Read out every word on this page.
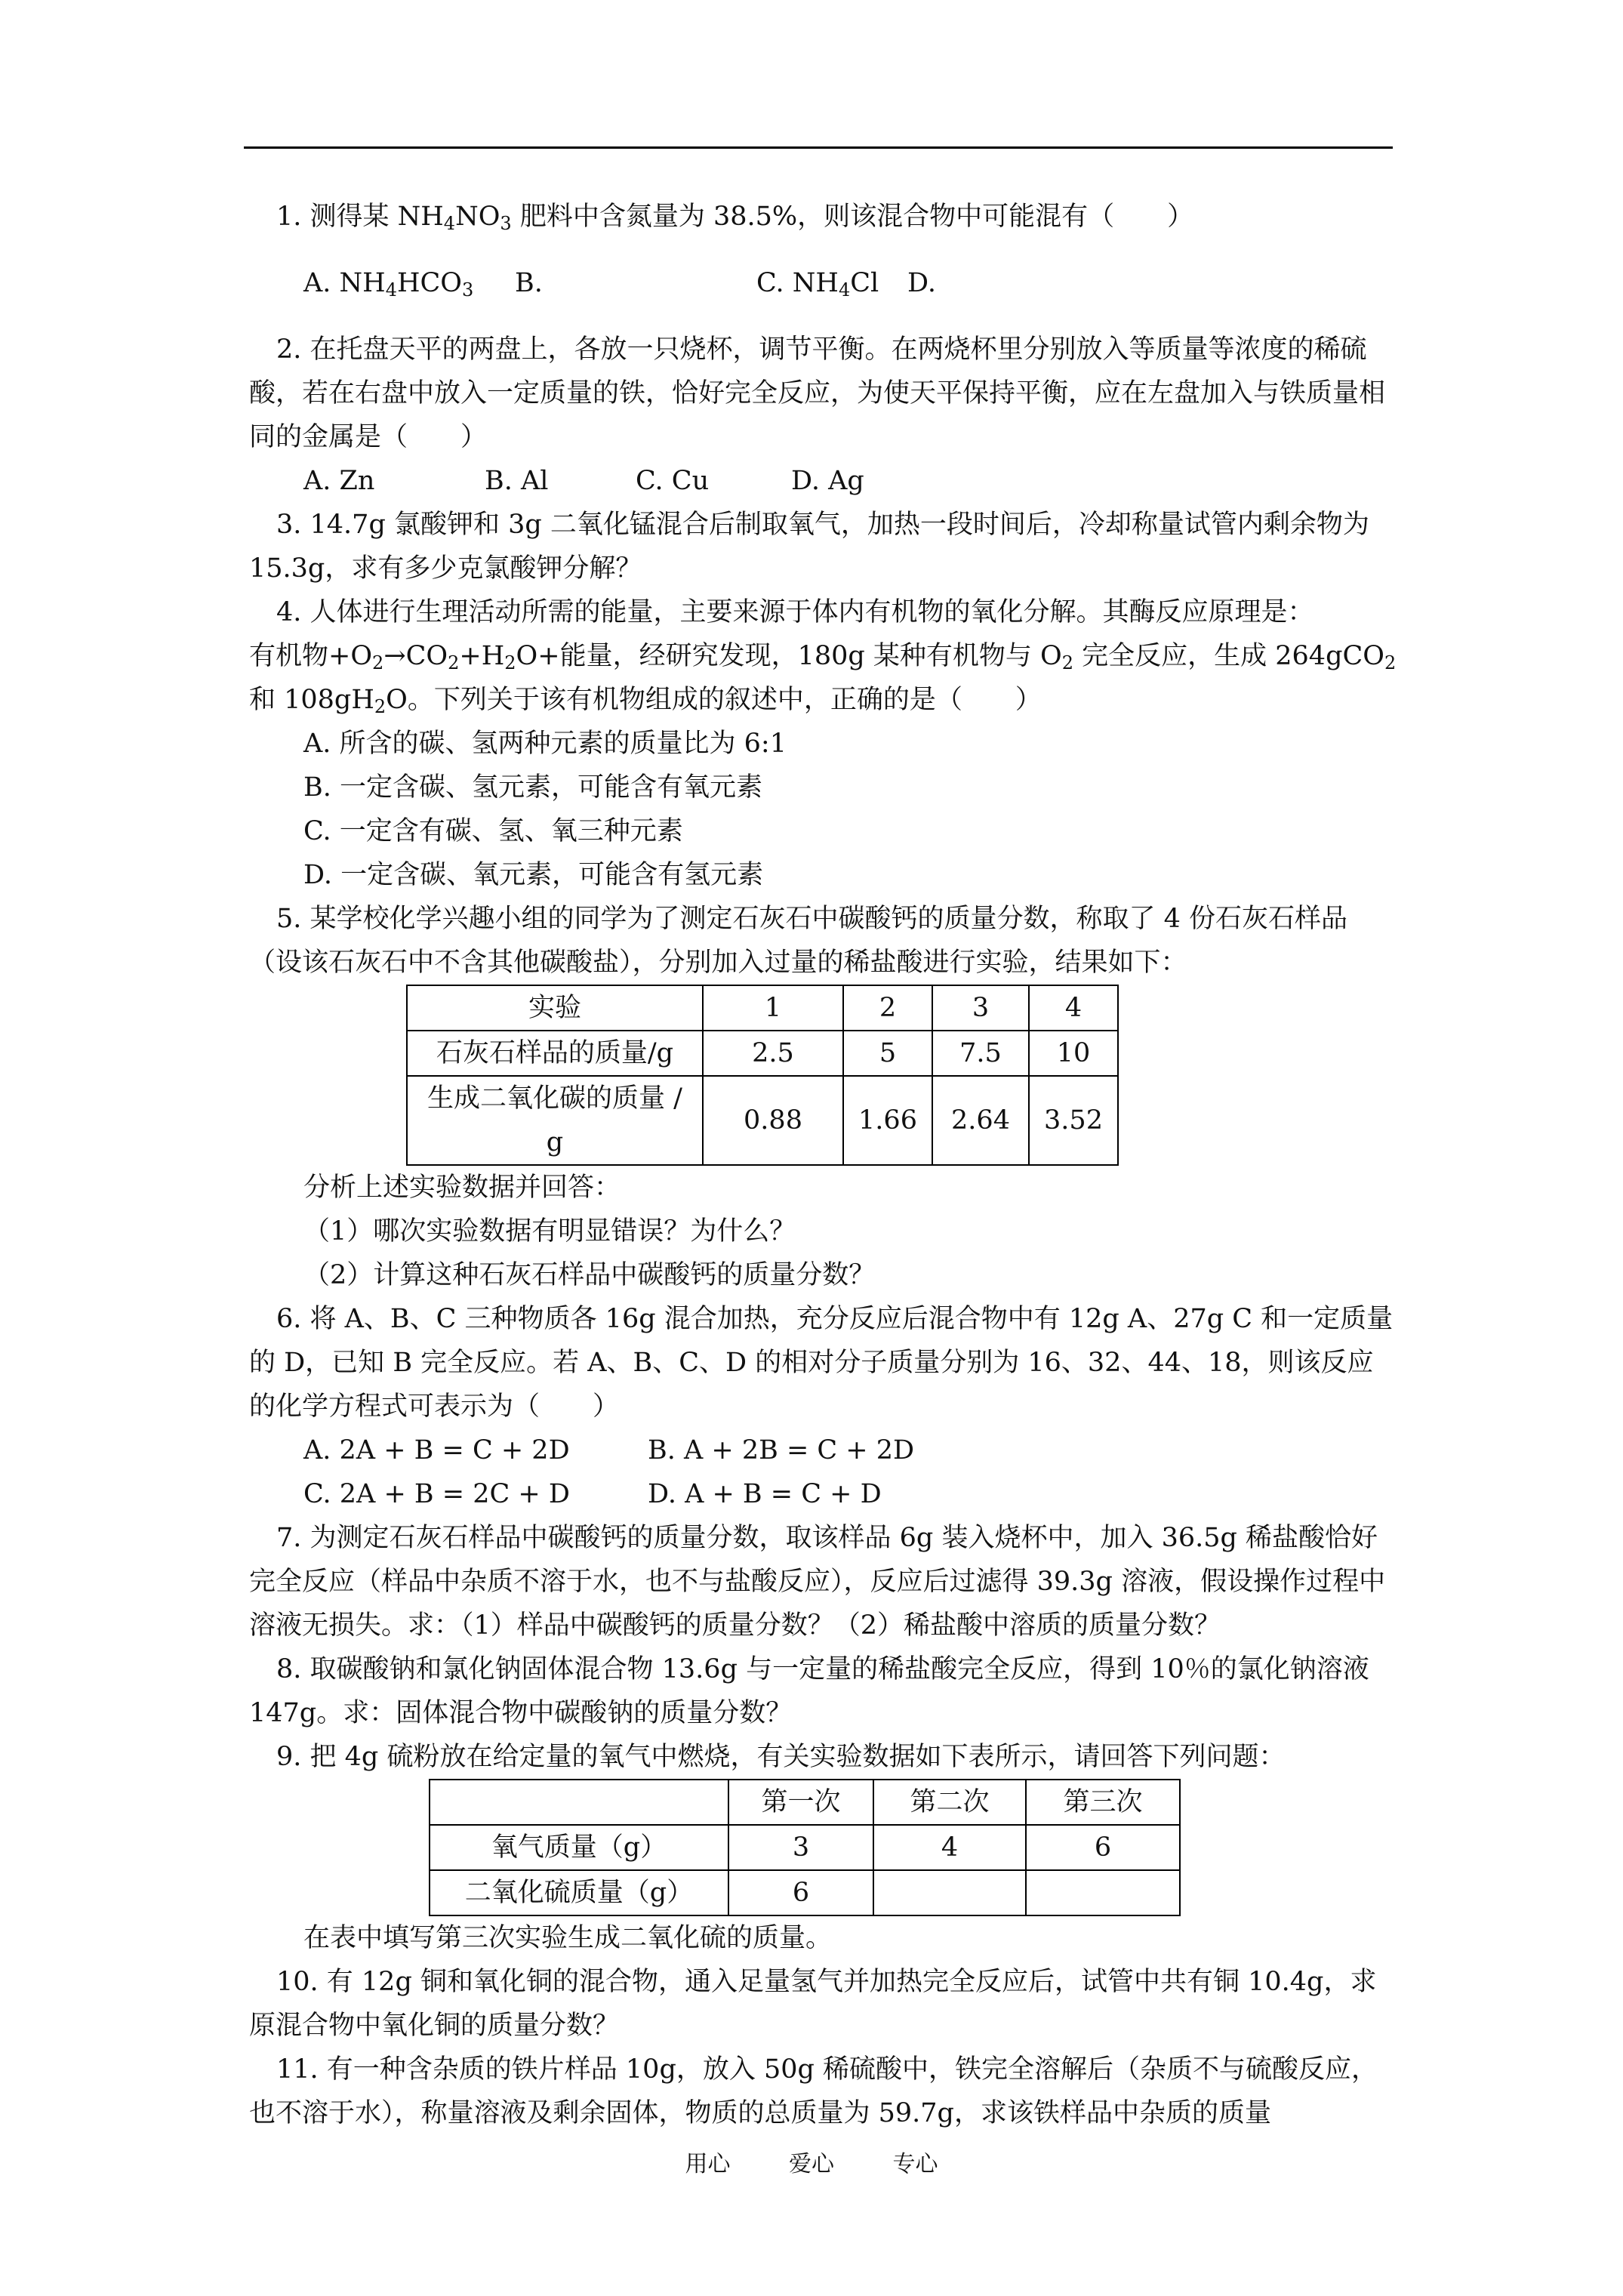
1. 测得某 $NH_4NO_3$ 肥料中含氮量为 38.5%，则该混合物中可能混有（　　）

A. $NH_4HCO_3$	B.	C. $NH_4Cl$	D.

2. 在托盘天平的两盘上，各放一只烧杯，调节平衡。在两烧杯里分别放入等质量等浓度的稀硫酸，若在右盘中放入一定质量的铁，恰好完全反应，为使天平保持平衡，应在左盘加入与铁质量相同的金属是（　　）

A. Zn	B. Al	C. Cu	D. Ag

3. 14.7g 氯酸钾和 3g 二氧化锰混合后制取氧气，加热一段时间后，冷却称量试管内剩余物为 15.3g，求有多少克氯酸钾分解？

4. 人体进行生理活动所需的能量，主要来源于体内有机物的氧化分解。其酶反应原理是：

有机物$+O_2\to CO_2+H_2O+$能量，经研究发现，180g 某种有机物与 $O_2$ 完全反应，生成 264gCO$_2$

和 $108gH_2O$。下列关于该有机物组成的叙述中，正确的是（　　）

A. 所含的碳、氢两种元素的质量比为 6:1

B. 一定含碳、氢元素，可能含有氧元素

C. 一定含有碳、氢、氧三种元素

D. 一定含碳、氧元素，可能含有氢元素

5. 某学校化学兴趣小组的同学为了测定石灰石中碳酸钙的质量分数，称取了 4 份石灰石样品（设该石灰石中不含其他碳酸盐），分别加入过量的稀盐酸进行实验，结果如下：

实验	1	2	3	4
石灰石样品的质量/g	2.5	5	7.5	10
生成二氧化碳的质量 / g	0.88	1.66	2.64	3.52

分析上述实验数据并回答：

（1）哪次实验数据有明显错误？为什么？

（2）计算这种石灰石样品中碳酸钙的质量分数？

6. 将 A、B、C 三种物质各 16g 混合加热，充分反应后混合物中有 12g A、27g C 和一定质量的 D，已知 B 完全反应。若 A、B、C、D 的相对分子质量分别为 16、32、44、18，则该反应的化学方程式可表示为（　　）

A. 2A + B = C + 2D	B. A + 2B = C + 2D
C. 2A + B = 2C + D	D. A + B = C + D

7. 为测定石灰石样品中碳酸钙的质量分数，取该样品 6g 装入烧杯中，加入 36.5g 稀盐酸恰好完全反应（样品中杂质不溶于水，也不与盐酸反应），反应后过滤得 39.3g 溶液，假设操作过程中溶液无损失。求：（1）样品中碳酸钙的质量分数？（2）稀盐酸中溶质的质量分数？

8. 取碳酸钠和氯化钠固体混合物 13.6g 与一定量的稀盐酸完全反应，得到 10％的氯化钠溶液 147g。求：固体混合物中碳酸钠的质量分数？

9. 把 4g 硫粉放在给定量的氧气中燃烧，有关实验数据如下表所示，请回答下列问题：

	第一次	第二次	第三次
氧气质量（g）	3	4	6
二氧化硫质量（g）	6		

在表中填写第三次实验生成二氧化硫的质量。

10. 有 12g 铜和氧化铜的混合物，通入足量氢气并加热完全反应后，试管中共有铜 10.4g，求原混合物中氧化铜的质量分数？

11. 有一种含杂质的铁片样品 10g，放入 50g 稀硫酸中，铁完全溶解后（杂质不与硫酸反应，也不溶于水），称量溶液及剩余固体，物质的总质量为 59.7g，求该铁样品中杂质的质量

用心	爱心	专心
